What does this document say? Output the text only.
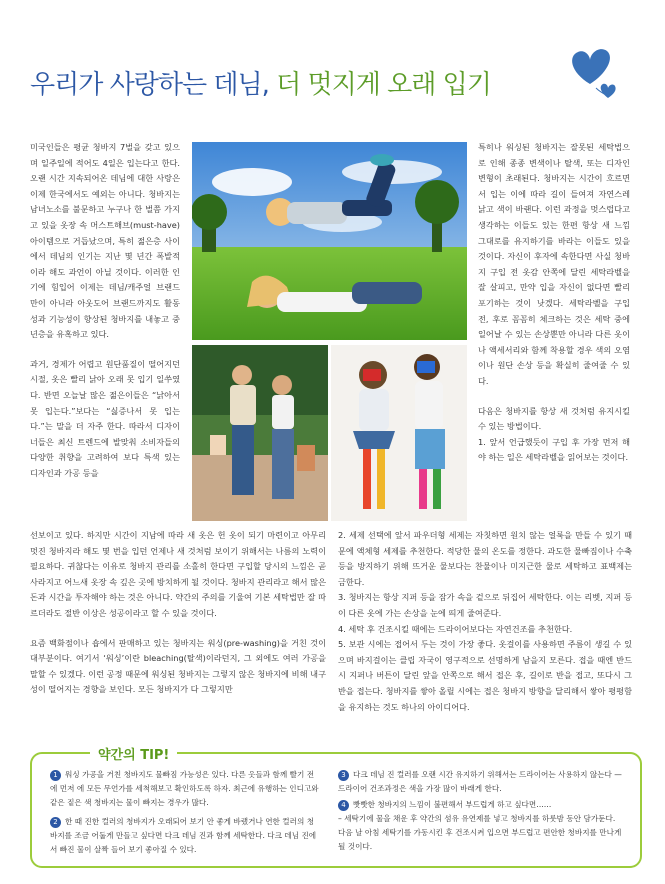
우리가 사랑하는 데님, 더 멋지게 오래 입기

미국인들은 평균 청바지 7벌을 갖고 있으며 일주일에 적어도 4일은 입는다고 한다. 오랜 시간 지속되어온 데님에 대한 사랑은 이제 한국에서도 예외는 아니다. 청바지는 남녀노소를 불문하고 누구나 한 벌쯤 가지고 있을 옷장 속 머스트해브(must-have) 아이템으로 거듭났으며, 특히 젊은층 사이에서 데님의 인기는 지난 몇 년간 폭발적이라 해도 과언이 아닐 것이다. 이러한 인기에 힘입어 이제는 데님/캐주얼 브랜드 만이 아니라 아웃도어 브랜드까지도 활동성과 기능성이 향상된 청바지를 내놓고 중년층을 유혹하고 있다.

과거, 경제가 어렵고 원단품질이 떨어지던 시절, 옷은 빨리 낡아 오래 못 입기 일쑤였다. 반면 오늘날 많은 젊은이들은 “낡아서 못 입는다.”보다는 “싫증나서 못 입는다.”는 말을 더 자주 한다. 따라서 디자이너들은 최신 트렌드에 발맞춰 소비자들의 다양한 취향을 고려하여 보다 특색 있는 디자인과 가공 등을

특히나 워싱된 청바지는 잘못된 세탁법으로 인해 종종 변색이나 탈색, 또는 디자인 변형이 초래된다. 청바지는 시간이 흐르면서 입는 이에 따라 길이 들여져 자연스레 낡고 색이 바랜다. 이런 과정을 멋스럽다고 생각하는 이들도 있는 한편 항상 새 느낌 그대로를 유지하기를 바라는 이들도 있을 것이다. 자신이 후자에 속한다면 사실 청바지 구입 전 옷감 안쪽에 달린 세탁라벨을 잘 살피고, 만약 입을 자신이 없다면 빨리 포기하는 것이 낫겠다. 세탁라벨을 구입 전, 후로 꼼꼼히 체크하는 것은 세탁 중에 일어날 수 있는 손상뿐만 아니라 다른 옷이나 액세서리와 함께 착용할 경우 색의 오염이나 원단 손상 등을 확실히 줄여줄 수 있다.

다음은 청바지를 항상 새 것처럼 유지시킬 수 있는 방법이다.

1. 앞서 언급했듯이 구입 후 가장 먼저 해야 하는 일은 세탁라벨을 읽어보는 것이다.

선보이고 있다. 하지만 시간이 지남에 따라 새 옷은 헌 옷이 되기 마련이고 아무리 멋진 청바지라 해도 몇 번을 입던 언제나 새 것처럼 보이기 위해서는 나름의 노력이 필요하다. 귀찮다는 이유로 청바지 관리를 소홀히 한다면 구입할 당시의 느낌은 곧 사라지고 어느새 옷장 속 깊은 곳에 방치하게 될 것이다. 청바지 관리라고 해서 많은 돈과 시간을 투자해야 하는 것은 아니다. 약간의 주의를 기울여 기본 세탁법만 잘 따르더라도 절반 이상은 성공이라고 할 수 있을 것이다.

요즘 백화점이나 숍에서 판매하고 있는 청바지는 워싱(pre-washing)을 거친 것이 대부분이다. 여기서 ‘워싱’이란 bleaching(탈색)이라던지, 그 외에도 여러 가공을 말할 수 있겠다. 이런 공정 때문에 워싱된 청바지는 그렇지 않은 청바지에 비해 내구성이 떨어지는 경향을 보인다. 모든 청바지가 다 그렇지만

2. 세제 선택에 앞서 파우더형 세제는 자칫하면 원치 않는 얼룩을 만들 수 있기 때문에 액체형 세제를 추천한다. 적당한 물의 온도를 정한다. 과도한 물빠짐이나 수축 등을 방지하기 위해 뜨거운 물보다는 찬물이나 미지근한 물로 세탁하고 표백제는 금한다.
3. 청바지는 항상 지퍼 등을 잠가 속을 겉으로 뒤집어 세탁한다. 이는 리벳, 지퍼 등이 다른 옷에 가는 손상을 눈에 띄게 줄여준다.
4. 세탁 후 건조시킬 때에는 드라이어보다는 자연건조를 추천한다.
5. 보관 시에는 접어서 두는 것이 가장 좋다. 옷걸이를 사용하면 주름이 생길 수 있으며 바지걸이는 클립 자국이 영구적으로 선명하게 남을지 모른다. 접을 때엔 반드시 지퍼나 버튼이 달린 앞을 안쪽으로 해서 접은 후, 길이로 반을 접고, 또다시 그 반을 접는다. 청바지를 쌓아 올릴 시에는 접은 청바지 방향을 달리해서 쌓아 평평함을 유지하는 것도 하나의 아이디어다.
약간의 TIP!
1 워싱 가공을 거친 청바지도 물빠짐 가능성은 있다. 다른 옷들과 함께 빨기 전에 먼저 에 모든 무언가를 세척해보고 확인하도록 하자. 최근에 유행하는 인디고와 같은 짙은 색 청바지는 물이 빠지는 경우가 많다.
2 한 때 진한 컬러의 청바지가 오래되어 보기 안 좋게 바랬거나 연한 컬러의 청바지를 조금 어둡게 만들고 싶다면 다크 데님 진과 함께 세탁한다. 다크 데님 진에서 빠진 물이 살짝 들어 보기 좋아질 수 있다.
3 다크 데님 진 컬러를 오랜 시간 유지하기 위해서는 드라이어는 사용하지 않는다 — 드라이어 건조과정은 색을 가장 많이 바래게 한다.
4 빳빳한 청바지의 느낌이 불편해서 부드럽게 하고 싶다면……
– 세탁기에 물을 채운 후 약간의 섬유 유연제를 넣고 청바지를 하룻밤 동안 담가둔다. 다음 날 아침 세탁기를 가동시킨 후 건조시켜 입으면 부드럽고 편안한 청바지를 만나게 될 것이다.
